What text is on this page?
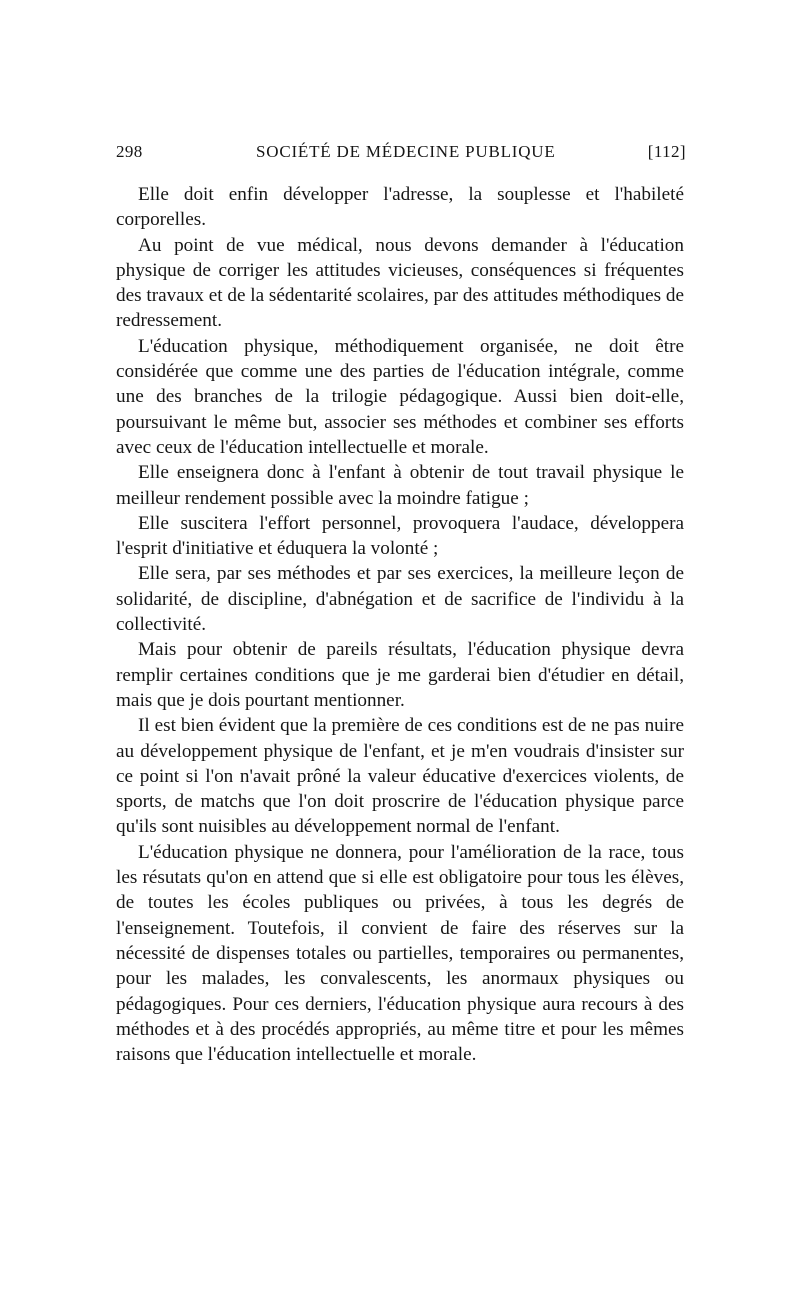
298	SOCIÉTÉ DE MÉDECINE PUBLIQUE	[112]

Elle doit enfin développer l'adresse, la souplesse et l'habileté corporelles.

Au point de vue médical, nous devons demander à l'éducation physique de corriger les attitudes vicieuses, conséquences si fréquentes des travaux et de la sédentarité scolaires, par des attitudes méthodiques de redressement.

L'éducation physique, méthodiquement organisée, ne doit être considérée que comme une des parties de l'éducation intégrale, comme une des branches de la trilogie pédagogique. Aussi bien doit-elle, poursuivant le même but, associer ses méthodes et combiner ses efforts avec ceux de l'éducation intellectuelle et morale.

Elle enseignera donc à l'enfant à obtenir de tout travail physique le meilleur rendement possible avec la moindre fatigue ;

Elle suscitera l'effort personnel, provoquera l'audace, développera l'esprit d'initiative et éduquera la volonté ;

Elle sera, par ses méthodes et par ses exercices, la meilleure leçon de solidarité, de discipline, d'abnégation et de sacrifice de l'individu à la collectivité.

Mais pour obtenir de pareils résultats, l'éducation physique devra remplir certaines conditions que je me garderai bien d'étudier en détail, mais que je dois pourtant mentionner.

Il est bien évident que la première de ces conditions est de ne pas nuire au développement physique de l'enfant, et je m'en voudrais d'insister sur ce point si l'on n'avait prôné la valeur éducative d'exercices violents, de sports, de matchs que l'on doit proscrire de l'éducation physique parce qu'ils sont nuisibles au développement normal de l'enfant.

L'éducation physique ne donnera, pour l'amélioration de la race, tous les résutats qu'on en attend que si elle est obligatoire pour tous les élèves, de toutes les écoles publiques ou privées, à tous les degrés de l'enseignement. Toutefois, il convient de faire des réserves sur la nécessité de dispenses totales ou partielles, temporaires ou permanentes, pour les malades, les convalescents, les anormaux physiques ou pédagogiques. Pour ces derniers, l'éducation physique aura recours à des méthodes et à des procédés appropriés, au même titre et pour les mêmes raisons que l'éducation intellectuelle et morale.
